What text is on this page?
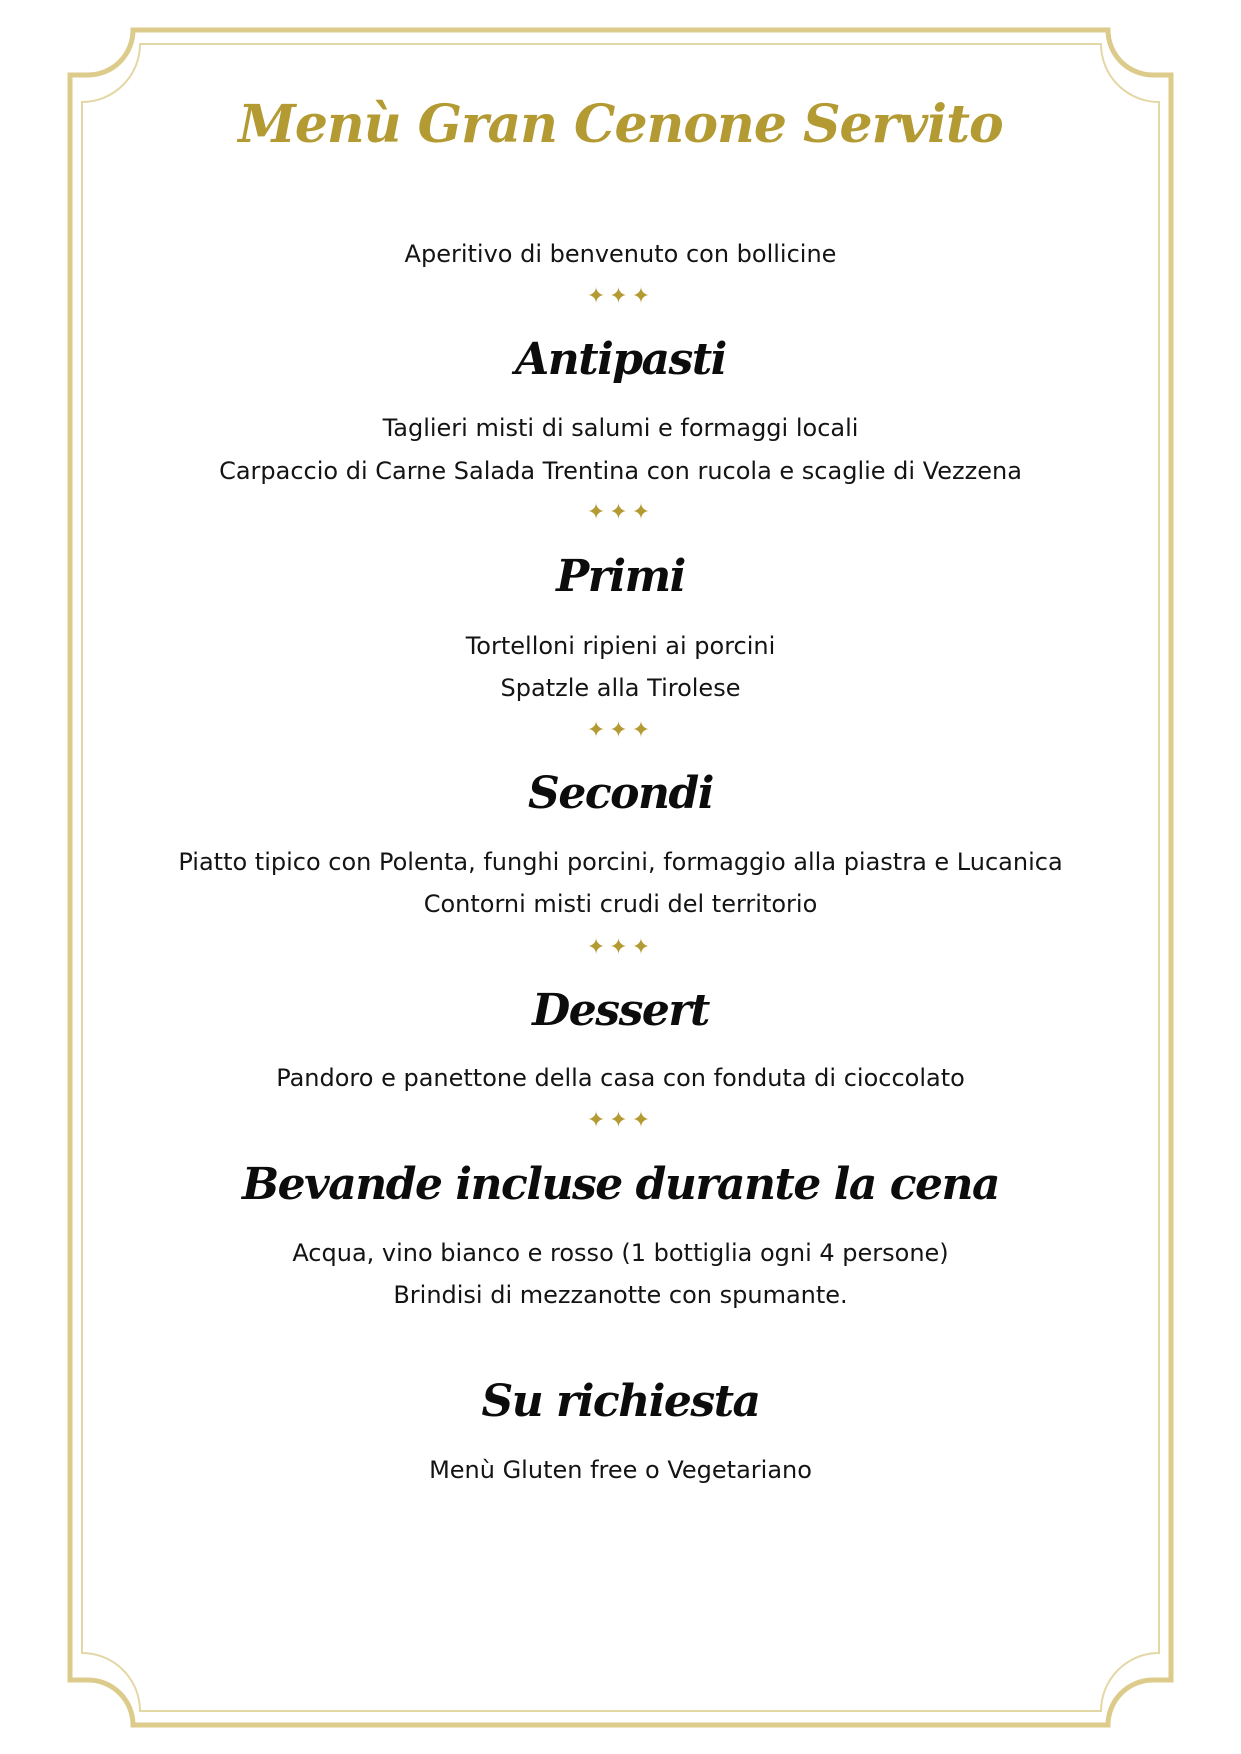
Menù Gran Cenone Servito
Aperitivo di benvenuto con bollicine
✦✦✦
Antipasti
Taglieri misti di salumi e formaggi locali
Carpaccio di Carne Salada Trentina con rucola e scaglie di Vezzena
✦✦✦
Primi
Tortelloni ripieni ai porcini
Spatzle alla Tirolese
✦✦✦
Secondi
Piatto tipico con Polenta, funghi porcini, formaggio alla piastra e Lucanica
Contorni misti crudi del territorio
✦✦✦
Dessert
Pandoro e panettone della casa con fonduta di cioccolato
✦✦✦
Bevande incluse durante la cena
Acqua, vino bianco e rosso (1 bottiglia ogni 4 persone)
Brindisi di mezzanotte con spumante.
Su richiesta
Menù Gluten free o Vegetariano
